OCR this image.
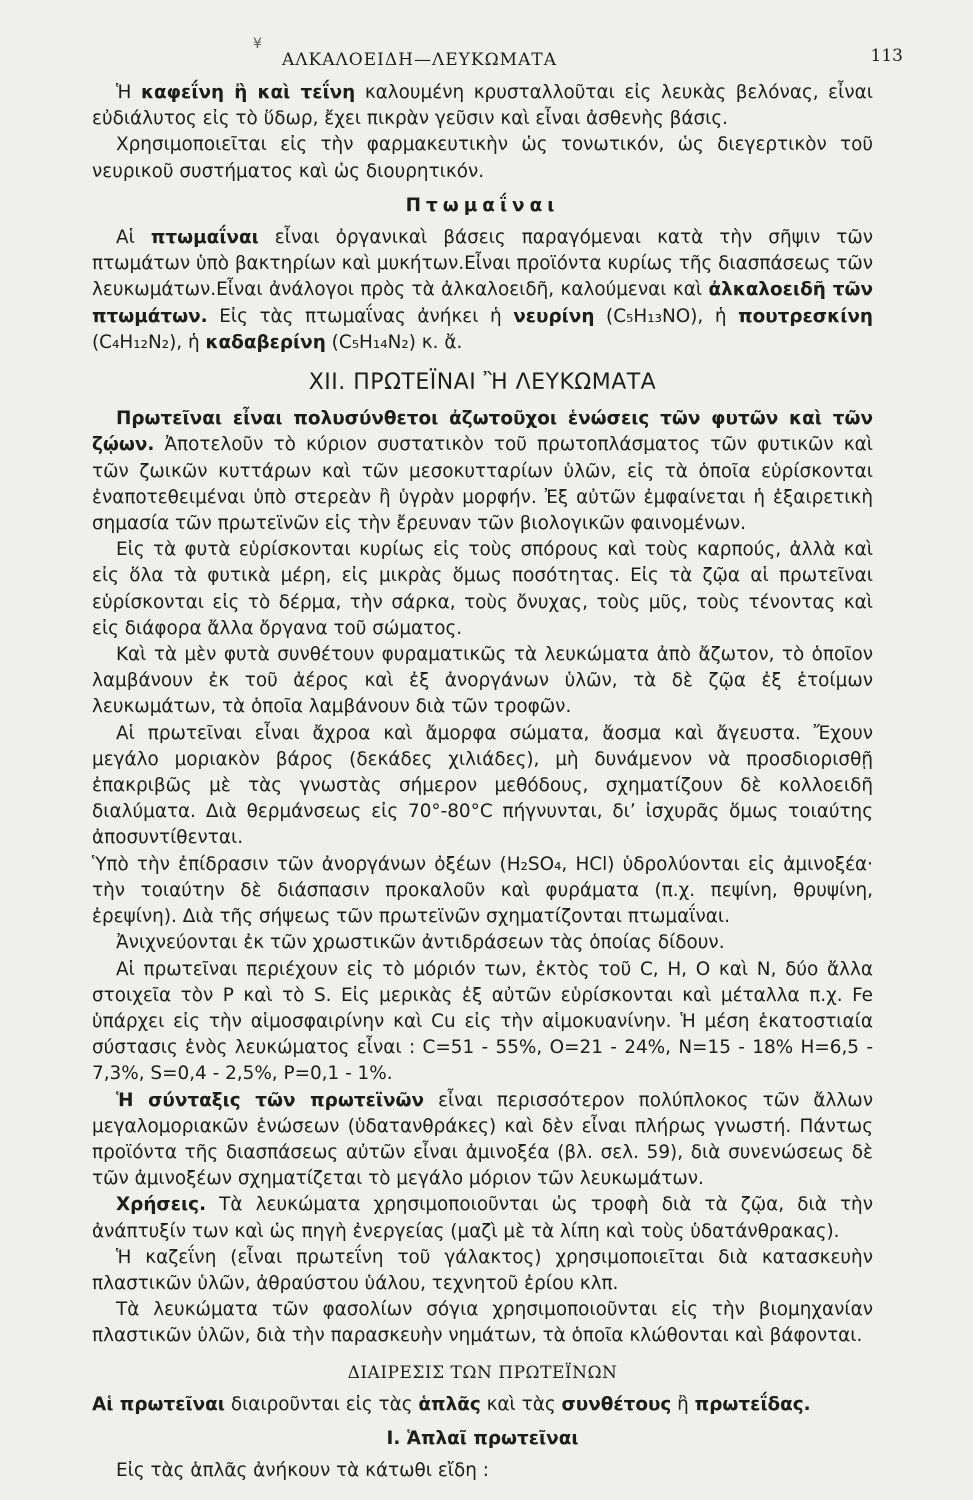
¥
ΑΛΚΑΛΟΕΙΔΗ—ΛΕΥΚΩΜΑΤΑ	113

Ἡ καφεΐνη ἢ καὶ τεΐνη καλουμένη κρυσταλλοῦται εἰς λευκὰς βελόνας, εἶναι εὐδιάλυτος εἰς τὸ ὕδωρ, ἔχει πικρὰν γεῦσιν καὶ εἶναι ἀσθενὴς βάσις.

Χρησιμοποιεῖται εἰς τὴν φαρμακευτικὴν ὡς τονωτικόν, ὡς διεγερτικὸν τοῦ νευρικοῦ συστήματος καὶ ὡς διουρητικόν.

Πτωμαΐναι

Αἱ πτωμαΐναι εἶναι ὀργανικαὶ βάσεις παραγόμεναι κατὰ τὴν σῆψιν τῶν πτωμάτων ὑπὸ βακτηρίων καὶ μυκήτων.Εἶναι προϊόντα κυρίως τῆς διασπάσεως τῶν λευκωμάτων.Εἶναι ἀνάλογοι πρὸς τὰ ἀλκαλοειδῆ, καλούμεναι καὶ ἀλκαλοειδῆ τῶν πτωμάτων. Εἰς τὰς πτωμαΐνας ἀνήκει ἡ νευρίνη (C₅H₁₃NO), ἡ πουτρεσκίνη (C₄H₁₂N₂), ἡ καδαβερίνη (C₅H₁₄N₂) κ. ἄ.

XII. ΠΡΩΤΕΪΝΑΙ Ἢ ΛΕΥΚΩΜΑΤΑ

Πρωτεῖναι εἶναι πολυσύνθετοι ἀζωτοῦχοι ἑνώσεις τῶν φυτῶν καὶ τῶν ζῴων. Ἀποτελοῦν τὸ κύριον συστατικὸν τοῦ πρωτοπλάσματος τῶν φυτικῶν καὶ τῶν ζωικῶν κυττάρων καὶ τῶν μεσοκυτταρίων ὑλῶν, εἰς τὰ ὁποῖα εὑρίσκονται ἐναποτεθειμέναι ὑπὸ στερεὰν ἢ ὑγρὰν μορφήν. Ἐξ αὐτῶν ἐμφαίνεται ἡ ἐξαιρετικὴ σημασία τῶν πρωτεϊνῶν εἰς τὴν ἔρευναν τῶν βιολογικῶν φαινομένων.

Εἰς τὰ φυτὰ εὑρίσκονται κυρίως εἰς τοὺς σπόρους καὶ τοὺς καρπούς, ἀλλὰ καὶ εἰς ὅλα τὰ φυτικὰ μέρη, εἰς μικρὰς ὅμως ποσότητας. Εἰς τὰ ζῷα αἱ πρωτεῖναι εὑρίσκονται εἰς τὸ δέρμα, τὴν σάρκα, τοὺς ὄνυχας, τοὺς μῦς, τοὺς τένοντας καὶ εἰς διάφορα ἄλλα ὄργανα τοῦ σώματος.

Καὶ τὰ μὲν φυτὰ συνθέτουν φυραματικῶς τὰ λευκώματα ἀπὸ ἄζωτον, τὸ ὁποῖον λαμβάνουν ἐκ τοῦ ἀέρος καὶ ἐξ ἀνοργάνων ὑλῶν, τὰ δὲ ζῷα ἐξ ἑτοίμων λευκωμάτων, τὰ ὁποῖα λαμβάνουν διὰ τῶν τροφῶν.

Αἱ πρωτεῖναι εἶναι ἄχροα καὶ ἄμορφα σώματα, ἄοσμα καὶ ἄγευστα. Ἔχουν μεγάλο μοριακὸν βάρος (δεκάδες χιλιάδες), μὴ δυνάμενον νὰ προσδιορισθῇ ἐπακριβῶς μὲ τὰς γνωστὰς σήμερον μεθόδους, σχηματίζουν δὲ κολλοειδῆ διαλύματα. Διὰ θερμάνσεως εἰς 70°-80°C πήγνυνται, διʼ ἰσχυρᾶς ὅμως τοιαύτης ἀποσυντίθενται.

Ὑπὸ τὴν ἐπίδρασιν τῶν ἀνοργάνων ὀξέων (H₂SO₄, HCl) ὑδρολύονται εἰς ἀμινοξέα· τὴν τοιαύτην δὲ διάσπασιν προκαλοῦν καὶ φυράματα (π.χ. πεψίνη, θρυψίνη, ἐρεψίνη). Διὰ τῆς σήψεως τῶν πρωτεϊνῶν σχηματίζονται πτωμαΐναι.

Ἀνιχνεύονται ἐκ τῶν χρωστικῶν ἀντιδράσεων τὰς ὁποίας δίδουν.

Αἱ πρωτεῖναι περιέχουν εἰς τὸ μόριόν των, ἐκτὸς τοῦ C, H, O καὶ N, δύο ἄλλα στοιχεῖα τὸν P καὶ τὸ S. Εἰς μερικὰς ἐξ αὐτῶν εὑρίσκονται καὶ μέταλλα π.χ. Fe ὑπάρχει εἰς τὴν αἱμοσφαιρίνην καὶ Cu εἰς τὴν αἱμοκυανίνην. Ἡ μέση ἑκατοστιαία σύστασις ἑνὸς λευκώματος εἶναι : C=51 - 55%, O=21 - 24%, N=15 - 18% H=6,5 - 7,3%, S=0,4 - 2,5%, P=0,1 - 1%.

Ἡ σύνταξις τῶν πρωτεϊνῶν εἶναι περισσότερον πολύπλοκος τῶν ἄλλων μεγαλομοριακῶν ἑνώσεων (ὑδατανθράκες) καὶ δὲν εἶναι πλήρως γνωστή. Πάντως προϊόντα τῆς διασπάσεως αὐτῶν εἶναι ἀμινοξέα (βλ. σελ. 59), διὰ συνενώσεως δὲ τῶν ἀμινοξέων σχηματίζεται τὸ μεγάλο μόριον τῶν λευκωμάτων.

Χρήσεις. Τὰ λευκώματα χρησιμοποιοῦνται ὡς τροφὴ διὰ τὰ ζῷα, διὰ τὴν ἀνάπτυξίν των καὶ ὡς πηγὴ ἐνεργείας (μαζὶ μὲ τὰ λίπη καὶ τοὺς ὑδατάνθρακας).

Ἡ καζεΐνη (εἶναι πρωτεΐνη τοῦ γάλακτος) χρησιμοποιεῖται διὰ κατασκευὴν πλαστικῶν ὑλῶν, ἀθραύστου ὑάλου, τεχνητοῦ ἐρίου κλπ.

Τὰ λευκώματα τῶν φασολίων σόγια χρησιμοποιοῦνται εἰς τὴν βιομηχανίαν πλαστικῶν ὑλῶν, διὰ τὴν παρασκευὴν νημάτων, τὰ ὁποῖα κλώθονται καὶ βάφονται.

ΔΙΑΙΡΕΣΙΣ ΤΩΝ ΠΡΩΤΕΪΝΩΝ

Αἱ πρωτεῖναι διαιροῦνται εἰς τὰς ἁπλᾶς καὶ τὰς συνθέτους ἢ πρωτεΐδας.

I. Ἁπλαῖ πρωτεῖναι

Εἰς τὰς ἁπλᾶς ἀνήκουν τὰ κάτωθι εἴδη :
